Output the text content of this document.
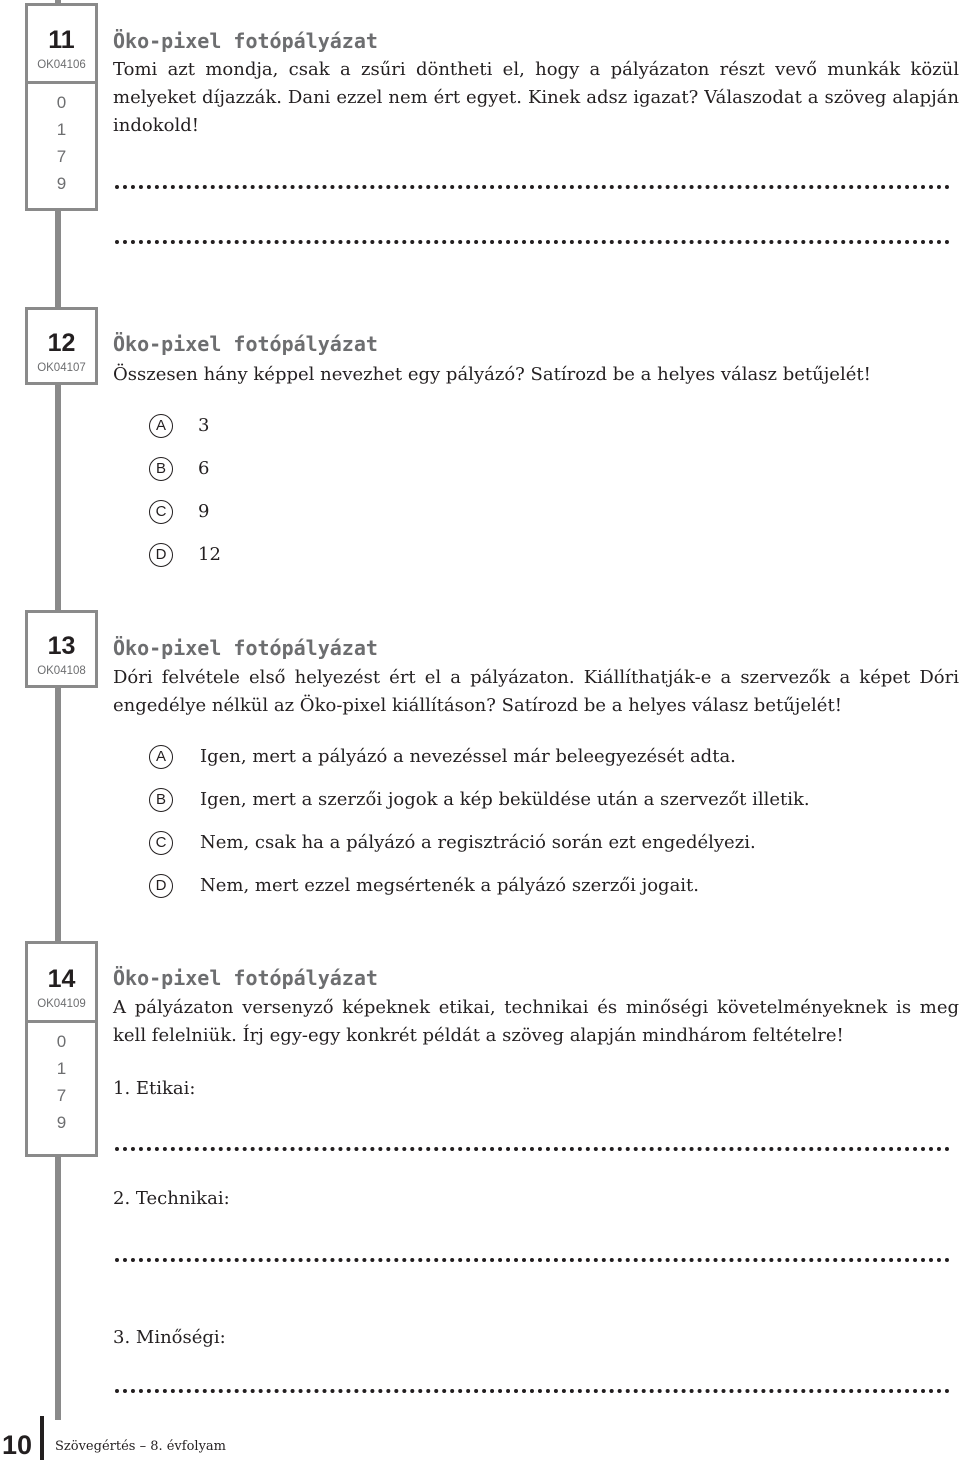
11
OK04106
0
1
7
9
Öko-pixel fotópályázat
Tomi azt mondja, csak a zsűri döntheti el, hogy a pályázaton részt vevő munkák közül melyeket díjazzák. Dani ezzel nem ért egyet. Kinek adsz igazat? Válaszodat a szöveg alapján indokold!
12
OK04107
Öko-pixel fotópályázat
Összesen hány képpel nevezhet egy pályázó? Satírozd be a helyes válasz betűjelét!
A	3
B	6
C	9
D	12
13
OK04108
Öko-pixel fotópályázat
Dóri felvétele első helyezést ért el a pályázaton. Kiállíthatják-e a szervezők a képet Dóri engedélye nélkül az Öko-pixel kiállításon? Satírozd be a helyes válasz betűjelét!
A	Igen, mert a pályázó a nevezéssel már beleegyezését adta.
B	Igen, mert a szerzői jogok a kép beküldése után a szervezőt illetik.
C	Nem, csak ha a pályázó a regisztráció során ezt engedélyezi.
D	Nem, mert ezzel megsértenék a pályázó szerzői jogait.
14
OK04109
0
1
7
9
Öko-pixel fotópályázat
A pályázaton versenyző képeknek etikai, technikai és minőségi követelményeknek is meg kell felelniük. Írj egy-egy konkrét példát a szöveg alapján mindhárom feltételre!
1. Etikai:
2. Technikai:
3. Minőségi:
10 Szövegértés – 8. évfolyam
